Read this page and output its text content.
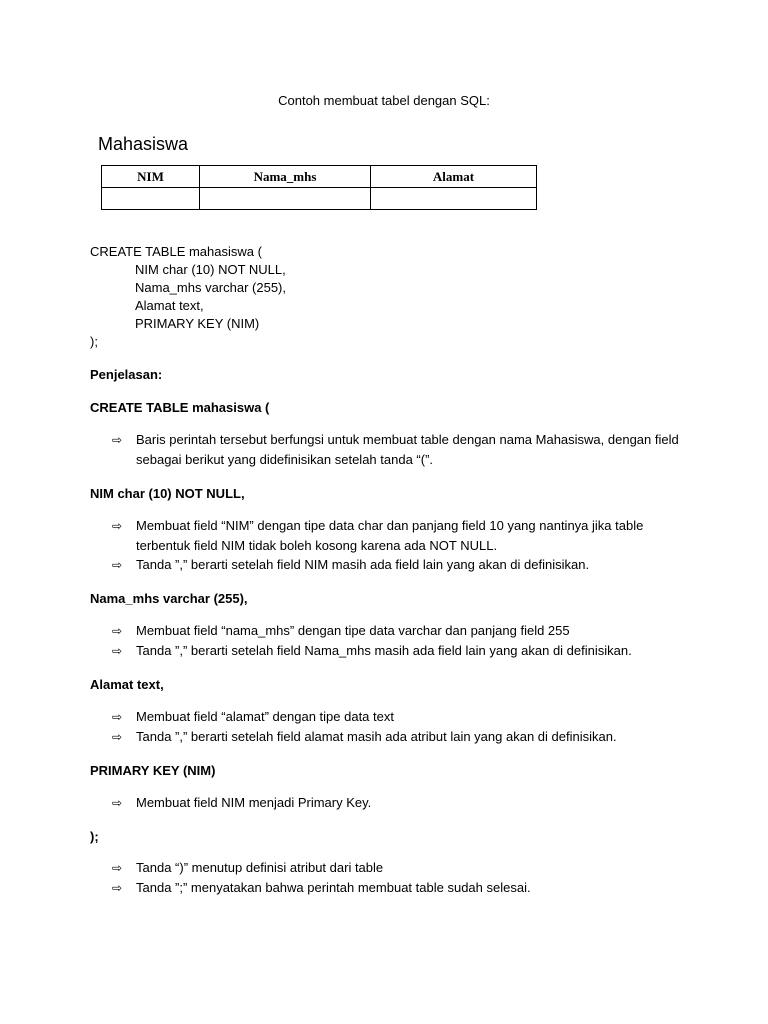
Contoh membuat tabel dengan SQL:
Mahasiswa
NIM	Nama_mhs	Alamat

CREATE TABLE mahasiswa (
NIM char (10) NOT NULL,
Nama_mhs varchar (255),
Alamat text,
PRIMARY KEY (NIM)
);
Penjelasan:
CREATE TABLE mahasiswa (
⇨	Baris perintah tersebut berfungsi untuk membuat table dengan nama Mahasiswa, dengan field sebagai berikut yang didefinisikan setelah tanda “(”.
NIM char (10) NOT NULL,
⇨	Membuat field “NIM” dengan tipe data char dan panjang field 10 yang nantinya jika table terbentuk field NIM tidak boleh kosong karena ada NOT NULL.
⇨	Tanda ”,” berarti setelah field NIM masih ada field lain yang akan di definisikan.
Nama_mhs varchar (255),
⇨	Membuat field “nama_mhs” dengan tipe data varchar dan panjang field 255
⇨	Tanda ”,” berarti setelah field Nama_mhs masih ada field lain yang akan di definisikan.
Alamat text,
⇨	Membuat field “alamat” dengan tipe data text
⇨	Tanda ”,” berarti setelah field alamat masih ada atribut lain yang akan di definisikan.
PRIMARY KEY (NIM)
⇨	Membuat field NIM menjadi Primary Key.
);
⇨	Tanda “)” menutup definisi atribut dari table
⇨	Tanda ”;” menyatakan bahwa perintah membuat table sudah selesai.
